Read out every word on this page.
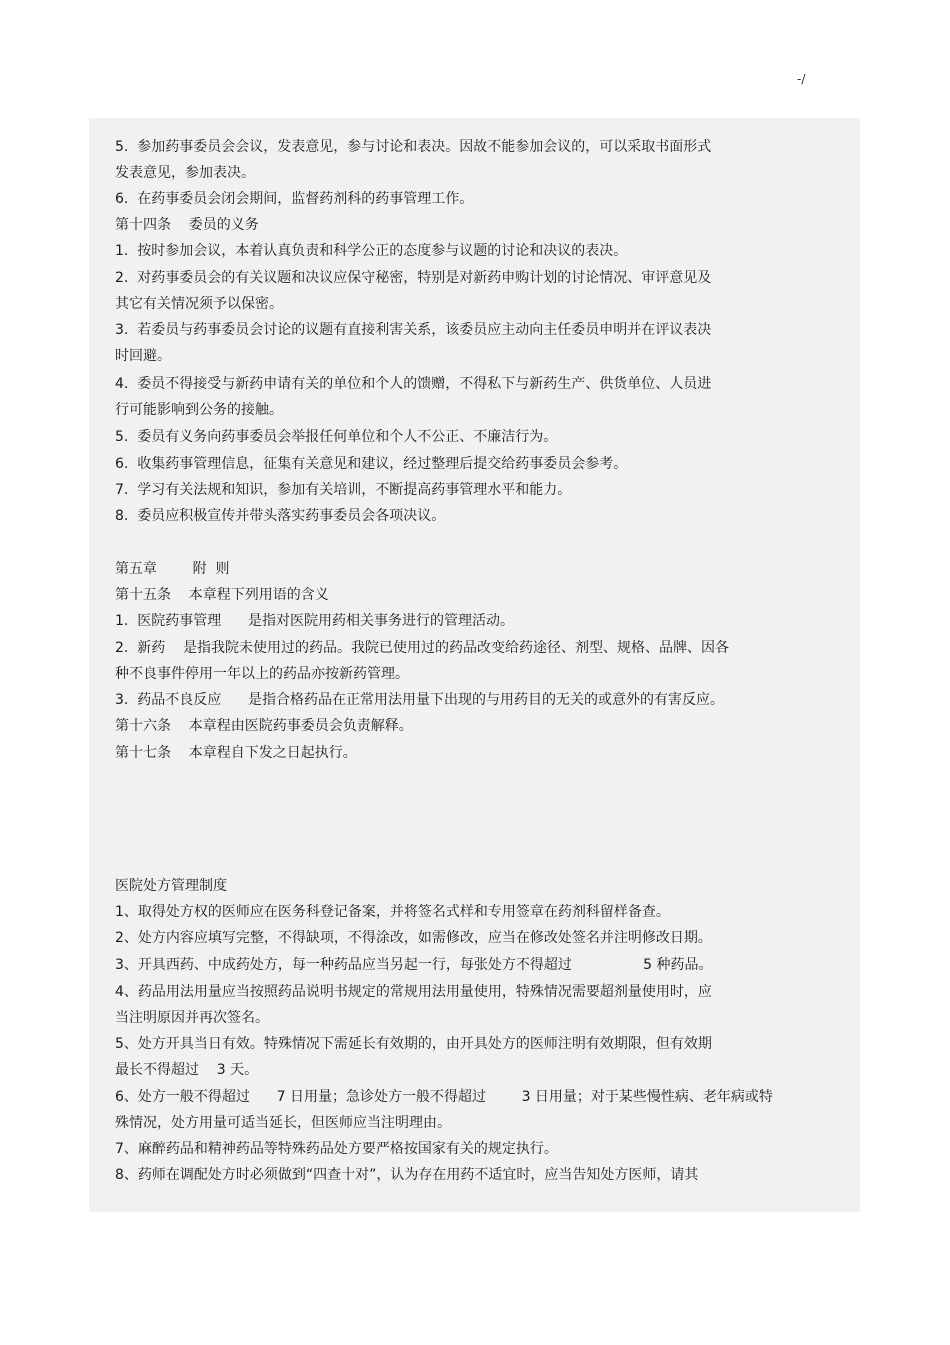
-/
5.  参加药事委员会会议，发表意见，参与讨论和表决。因故不能参加会议的，可以采取书面形式
发表意见，参加表决。
6.  在药事委员会闭会期间，监督药剂科的药事管理工作。
第十四条    委员的义务
1.  按时参加会议，本着认真负责和科学公正的态度参与议题的讨论和决议的表决。
2.  对药事委员会的有关议题和决议应保守秘密，特别是对新药申购计划的讨论情况、审评意见及
其它有关情况须予以保密。
3.  若委员与药事委员会讨论的议题有直接利害关系，该委员应主动向主任委员申明并在评议表决
时回避。
4.  委员不得接受与新药申请有关的单位和个人的馈赠，不得私下与新药生产、供货单位、人员进
行可能影响到公务的接触。
5.  委员有义务向药事委员会举报任何单位和个人不公正、不廉洁行为。
6.  收集药事管理信息，征集有关意见和建议，经过整理后提交给药事委员会参考。
7.  学习有关法规和知识，参加有关培训，不断提高药事管理水平和能力。
8.  委员应积极宣传并带头落实药事委员会各项决议。
第五章        附  则
第十五条    本章程下列用语的含义
1.  医院药事管理      是指对医院用药相关事务进行的管理活动。
2.  新药    是指我院未使用过的药品。我院已使用过的药品改变给药途径、剂型、规格、品牌、因各
种不良事件停用一年以上的药品亦按新药管理。
3.  药品不良反应      是指合格药品在正常用法用量下出现的与用药目的无关的或意外的有害反应。
第十六条    本章程由医院药事委员会负责解释。
第十七条    本章程自下发之日起执行。
医院处方管理制度
1、取得处方权的医师应在医务科登记备案，并将签名式样和专用签章在药剂科留样备查。
2、处方内容应填写完整，不得缺项，不得涂改，如需修改，应当在修改处签名并注明修改日期。
3、开具西药、中成药处方，每一种药品应当另起一行，每张处方不得超过                5 种药品。
4、药品用法用量应当按照药品说明书规定的常规用法用量使用，特殊情况需要超剂量使用时，应
当注明原因并再次签名。
5、处方开具当日有效。特殊情况下需延长有效期的，由开具处方的医师注明有效期限，但有效期
最长不得超过    3 天。
6、处方一般不得超过      7 日用量；急诊处方一般不得超过        3 日用量；对于某些慢性病、老年病或特
殊情况，处方用量可适当延长，但医师应当注明理由。
7、麻醉药品和精神药品等特殊药品处方要严格按国家有关的规定执行。
8、药师在调配处方时必须做到“四查十对”，认为存在用药不适宜时，应当告知处方医师，请其
